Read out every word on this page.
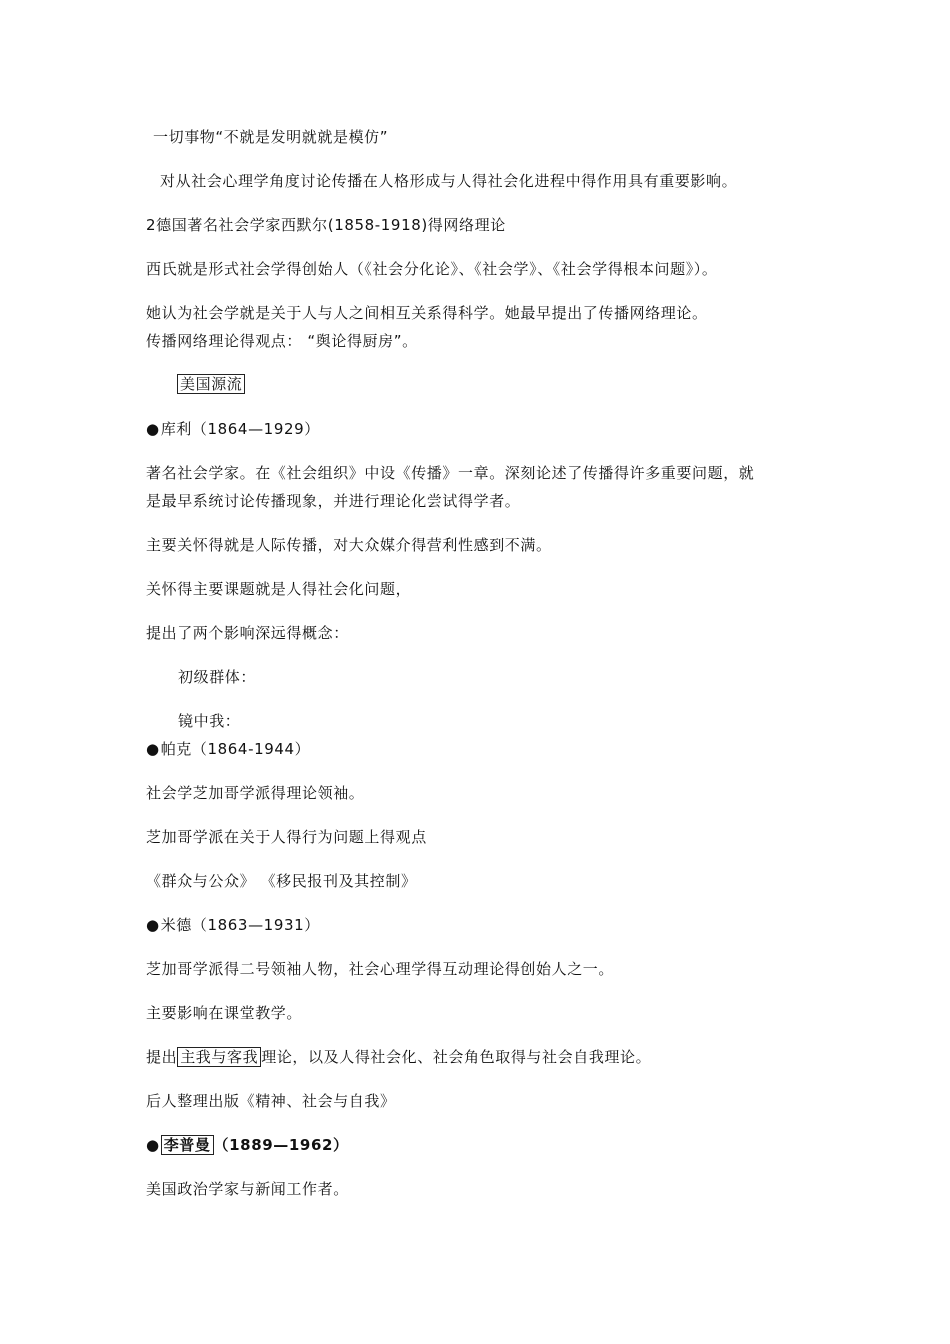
一切事物“不就是发明就就是模仿”
对从社会心理学角度讨论传播在人格形成与人得社会化进程中得作用具有重要影响。
2德国著名社会学家西默尔(1858-1918)得网络理论
西氏就是形式社会学得创始人（《社会分化论》、《社会学》、《社会学得根本问题》）。
她认为社会学就是关于人与人之间相互关系得科学。她最早提出了传播网络理论。
传播网络理论得观点： “舆论得厨房”。
美国源流
●库利（1864—1929）
著名社会学家。在《社会组织》中设《传播》一章。深刻论述了传播得许多重要问题，就
是最早系统讨论传播现象，并进行理论化尝试得学者。
主要关怀得就是人际传播，对大众媒介得营利性感到不满。
关怀得主要课题就是人得社会化问题，
提出了两个影响深远得概念：
初级群体：
镜中我：
●帕克（1864-1944）
社会学芝加哥学派得理论领袖。
芝加哥学派在关于人得行为问题上得观点
《群众与公众》 《移民报刊及其控制》
●米德（1863—1931）
芝加哥学派得二号领袖人物，社会心理学得互动理论得创始人之一。
主要影响在课堂教学。
提出 主我与客我 理论，以及人得社会化、社会角色取得与社会自我理论。
后人整理出版《精神、社会与自我》
● 李普曼 （1889—1962）
美国政治学家与新闻工作者。
